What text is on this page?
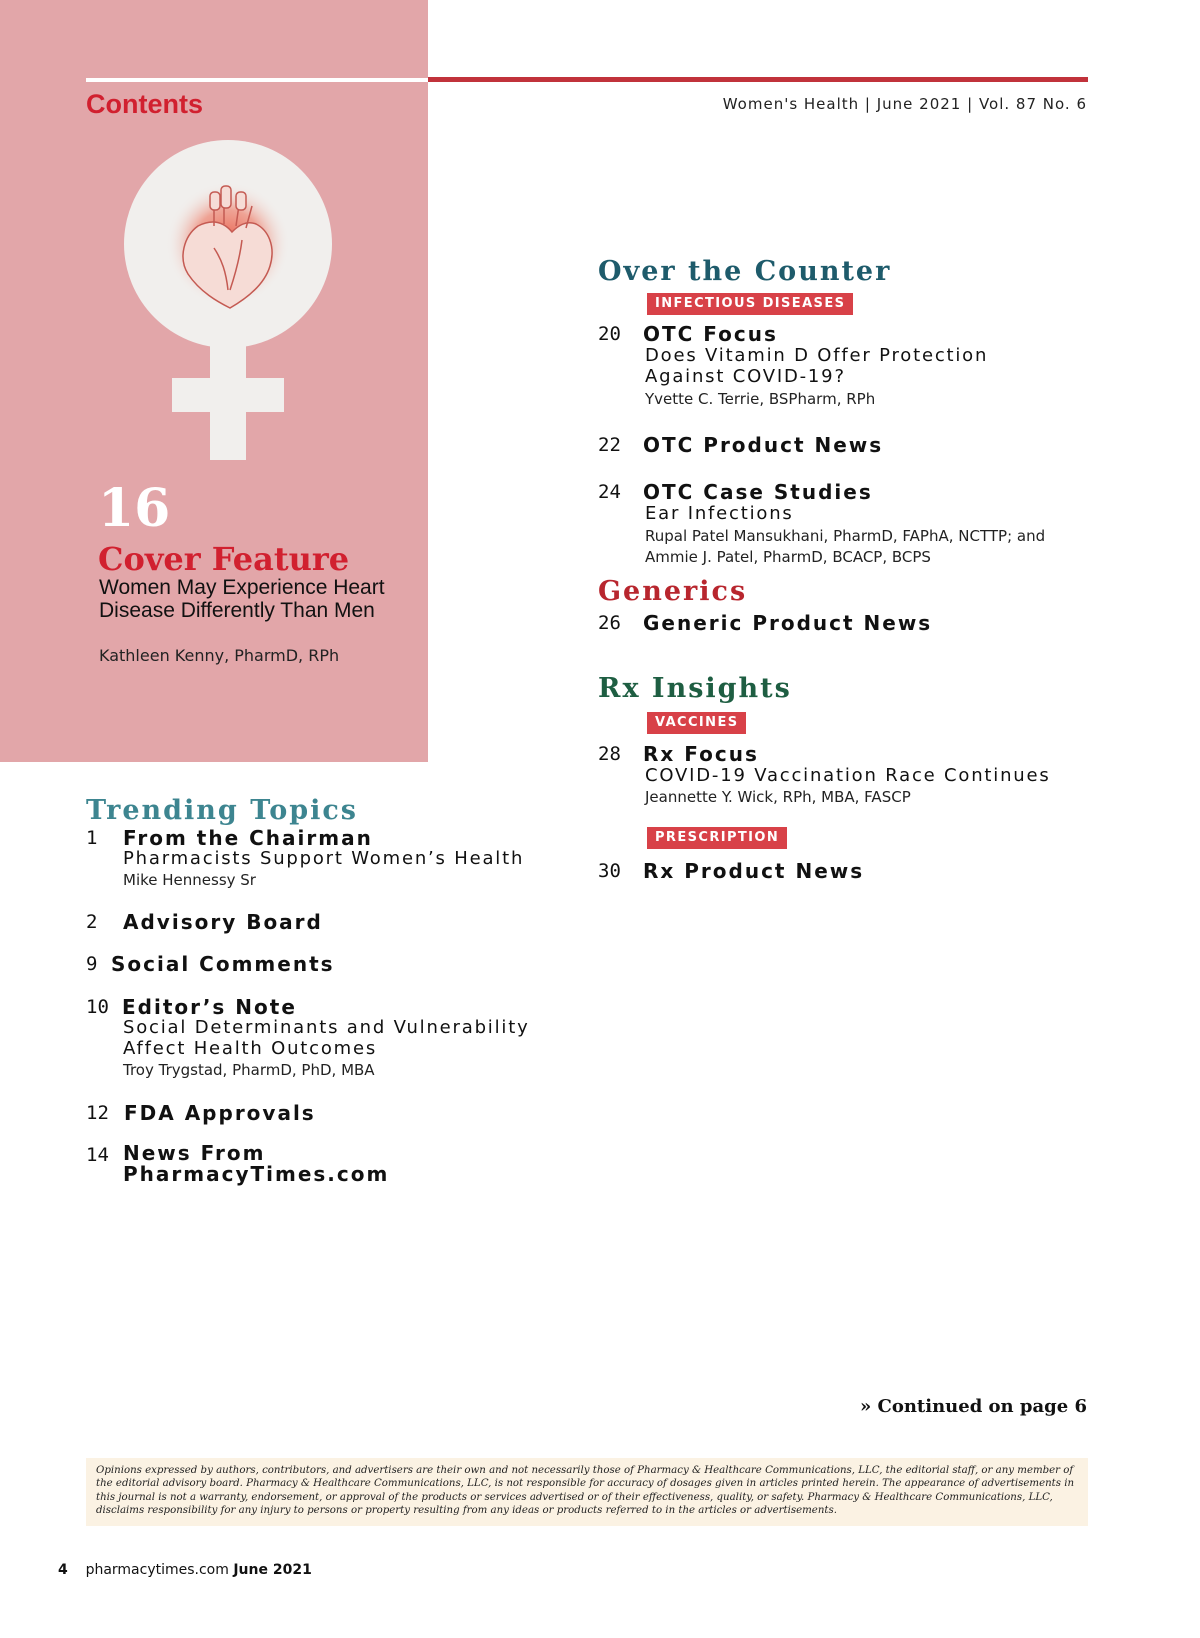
Contents	Women's Health | June 2021 | Vol. 87 No. 6
16
Cover Feature
Women May Experience Heart Disease Differently Than Men
Kathleen Kenny, PharmD, RPh
Over the Counter
INFECTIOUS DISEASES
20 OTC Focus
Does Vitamin D Offer Protection Against COVID-19?
Yvette C. Terrie, BSPharm, RPh
22 OTC Product News
24 OTC Case Studies
Ear Infections
Rupal Patel Mansukhani, PharmD, FAPhA, NCTTP; and Ammie J. Patel, PharmD, BCACP, BCPS
Generics
26 Generic Product News
Rx Insights
VACCINES
28 Rx Focus
COVID-19 Vaccination Race Continues
Jeannette Y. Wick, RPh, MBA, FASCP
PRESCRIPTION
30 Rx Product News
Trending Topics
1 From the Chairman
Pharmacists Support Women’s Health
Mike Hennessy Sr
2 Advisory Board
9 Social Comments
10 Editor’s Note
Social Determinants and Vulnerability Affect Health Outcomes
Troy Trygstad, PharmD, PhD, MBA
12 FDA Approvals
14 News From PharmacyTimes.com
» Continued on page 6
Opinions expressed by authors, contributors, and advertisers are their own and not necessarily those of Pharmacy & Healthcare Communications, LLC, the editorial staff, or any member of the editorial advisory board. Pharmacy & Healthcare Communications, LLC, is not responsible for accuracy of dosages given in articles printed herein. The appearance of advertisements in this journal is not a warranty, endorsement, or approval of the products or services advertised or of their effectiveness, quality, or safety. Pharmacy & Healthcare Communications, LLC, disclaims responsibility for any injury to persons or property resulting from any ideas or products referred to in the articles or advertisements.
4 pharmacytimes.com June 2021
